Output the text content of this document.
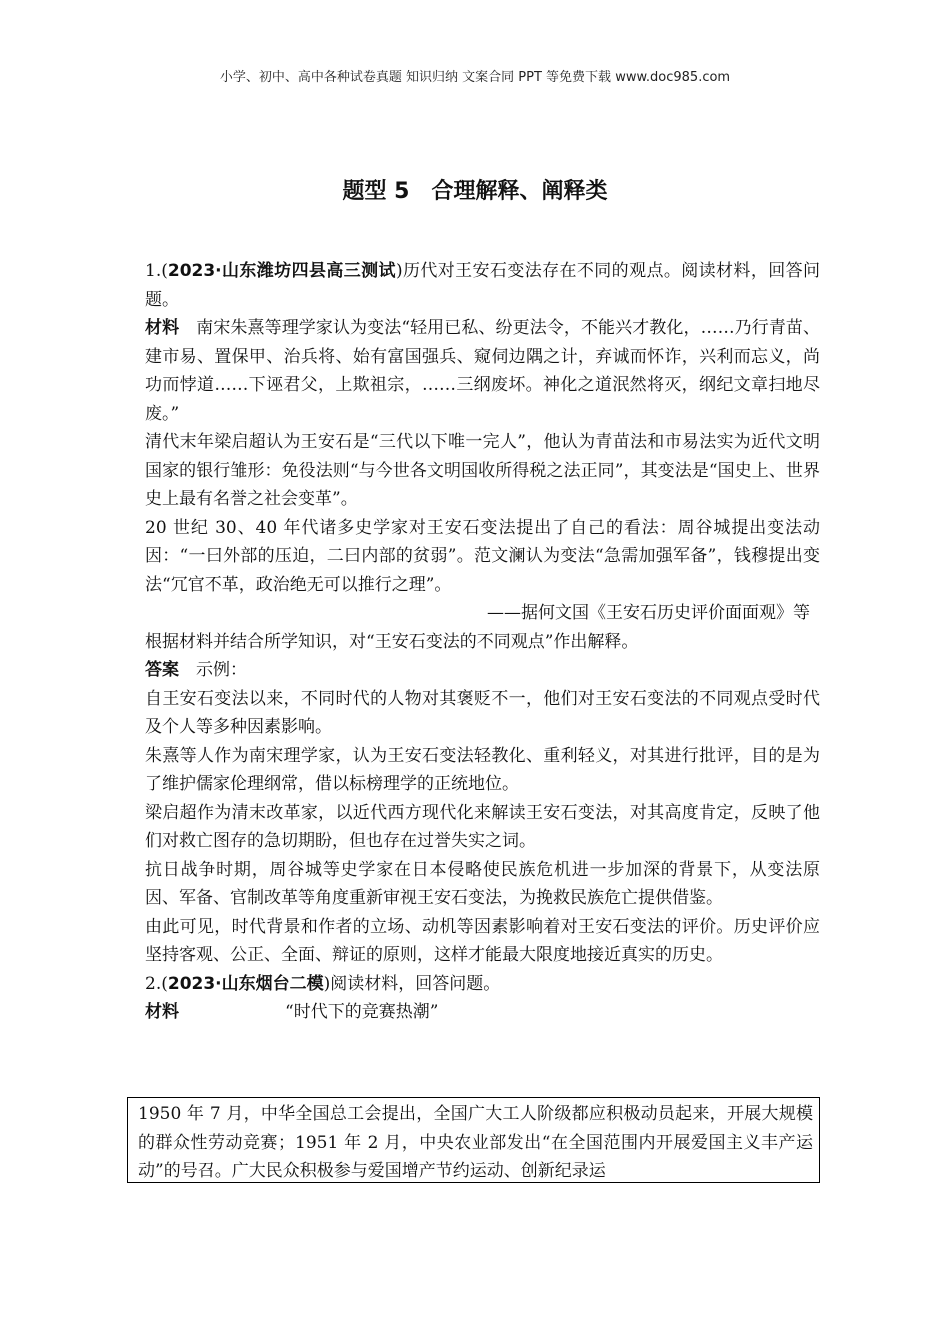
小学、初中、高中各种试卷真题 知识归纳 文案合同 PPT 等免费下载 www.doc985.com
题型 5　合理解释、阐释类

1.(2023·山东潍坊四县高三测试)历代对王安石变法存在不同的观点。阅读材料，回答问题。

材料　南宋朱熹等理学家认为变法“轻用已私、纷更法令，不能兴才教化，……乃行青苗、建市易、置保甲、治兵将、始有富国强兵、窥伺边隅之计，弃诚而怀诈，兴利而忘义，尚功而悖道……下诬君父，上欺祖宗，……三纲废坏。神化之道泯然将灭，纲纪文章扫地尽废。”

清代末年梁启超认为王安石是“三代以下唯一完人”，他认为青苗法和市易法实为近代文明国家的银行雏形：免役法则“与今世各文明国收所得税之法正同”，其变法是“国史上、世界史上最有名誉之社会变革”。

20 世纪 30、40 年代诸多史学家对王安石变法提出了自己的看法：周谷城提出变法动因：“一曰外部的压迫，二曰内部的贫弱”。范文澜认为变法“急需加强军备”，钱穆提出变法“冗官不革，政治绝无可以推行之理”。

——据何文国《王安石历史评价面面观》等

根据材料并结合所学知识，对“王安石变法的不同观点”作出解释。

答案　示例：

自王安石变法以来，不同时代的人物对其褒贬不一，他们对王安石变法的不同观点受时代及个人等多种因素影响。

朱熹等人作为南宋理学家，认为王安石变法轻教化、重利轻义，对其进行批评，目的是为了维护儒家伦理纲常，借以标榜理学的正统地位。

梁启超作为清末改革家，以近代西方现代化来解读王安石变法，对其高度肯定，反映了他们对救亡图存的急切期盼，但也存在过誉失实之词。

抗日战争时期，周谷城等史学家在日本侵略使民族危机进一步加深的背景下，从变法原因、军备、官制改革等角度重新审视王安石变法，为挽救民族危亡提供借鉴。

由此可见，时代背景和作者的立场、动机等因素影响着对王安石变法的评价。历史评价应坚持客观、公正、全面、辩证的原则，这样才能最大限度地接近真实的历史。

2.(2023·山东烟台二模)阅读材料，回答问题。

材料	“时代下的竞赛热潮”

1950 年 7 月，中华全国总工会提出，全国广大工人阶级都应积极动员起来，开展大规模的群众性劳动竞赛；1951 年 2 月，中央农业部发出“在全国范围内开展爱国主义丰产运动”的号召。广大民众积极参与爱国增产节约运动、创新纪录运
